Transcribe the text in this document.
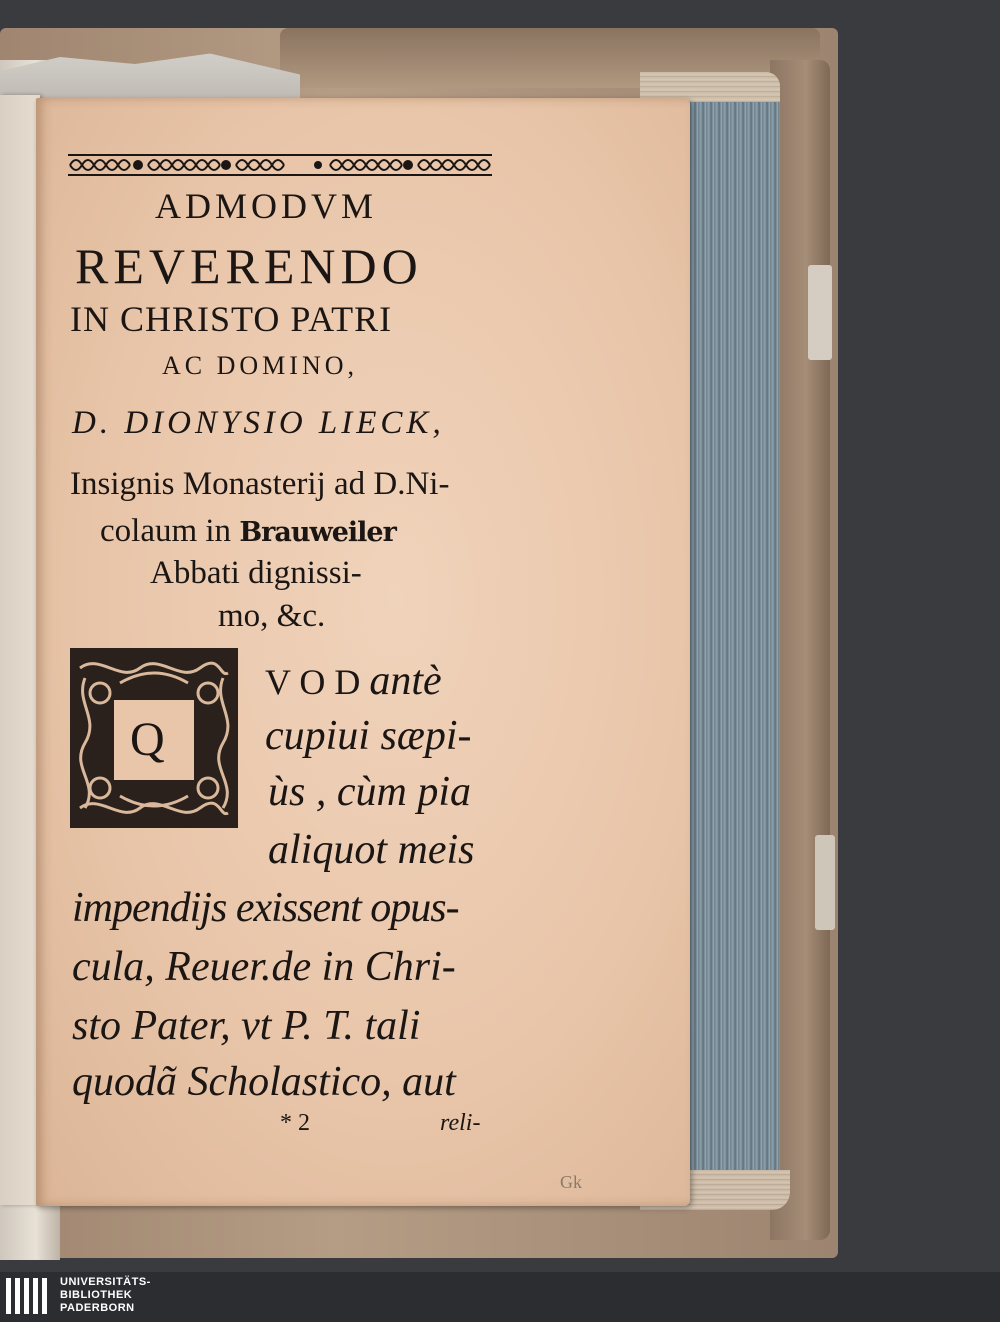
ADMODVM
REVERENDO
IN CHRISTO PATRI
AC DOMINO,
D. DIONYSIO LIECK,
Insignis Monasterij ad D.Ni-
colaum in Brauweiler
Abbati dignissi-
mo, &c.
Q
V O D antè
cupiui sæpi-
ùs , cùm pia
aliquot meis
impendijs exissent opus-
cula, Reuer.de in Chri-
sto Pater, vt P. T. tali
quodã Scholastico, aut
* 2	reli-
Gk
UNIVERSITÄTS-
BIBLIOTHEK
PADERBORN
